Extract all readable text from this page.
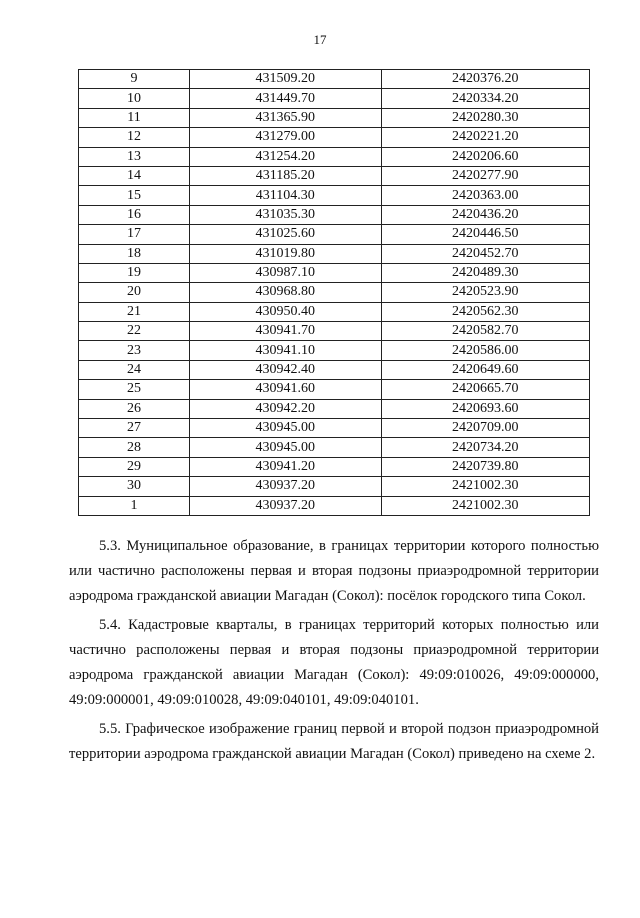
17
9	431509.20	2420376.20
10	431449.70	2420334.20
11	431365.90	2420280.30
12	431279.00	2420221.20
13	431254.20	2420206.60
14	431185.20	2420277.90
15	431104.30	2420363.00
16	431035.30	2420436.20
17	431025.60	2420446.50
18	431019.80	2420452.70
19	430987.10	2420489.30
20	430968.80	2420523.90
21	430950.40	2420562.30
22	430941.70	2420582.70
23	430941.10	2420586.00
24	430942.40	2420649.60
25	430941.60	2420665.70
26	430942.20	2420693.60
27	430945.00	2420709.00
28	430945.00	2420734.20
29	430941.20	2420739.80
30	430937.20	2421002.30
1	430937.20	2421002.30

5.3. Муниципальное образование, в границах территории которого полностью или частично расположены первая и вторая подзоны приаэродромной территории аэродрома гражданской авиации Магадан (Сокол): посёлок городского типа Сокол.

5.4. Кадастровые кварталы, в границах территорий которых полностью или частично расположены первая и вторая подзоны приаэродромной территории аэродрома гражданской авиации Магадан (Сокол): 49:09:010026, 49:09:000000, 49:09:000001, 49:09:010028, 49:09:040101, 49:09:040101.

5.5. Графическое изображение границ первой и второй подзон приаэродромной территории аэродрома гражданской авиации Магадан (Сокол) приведено на схеме 2.
